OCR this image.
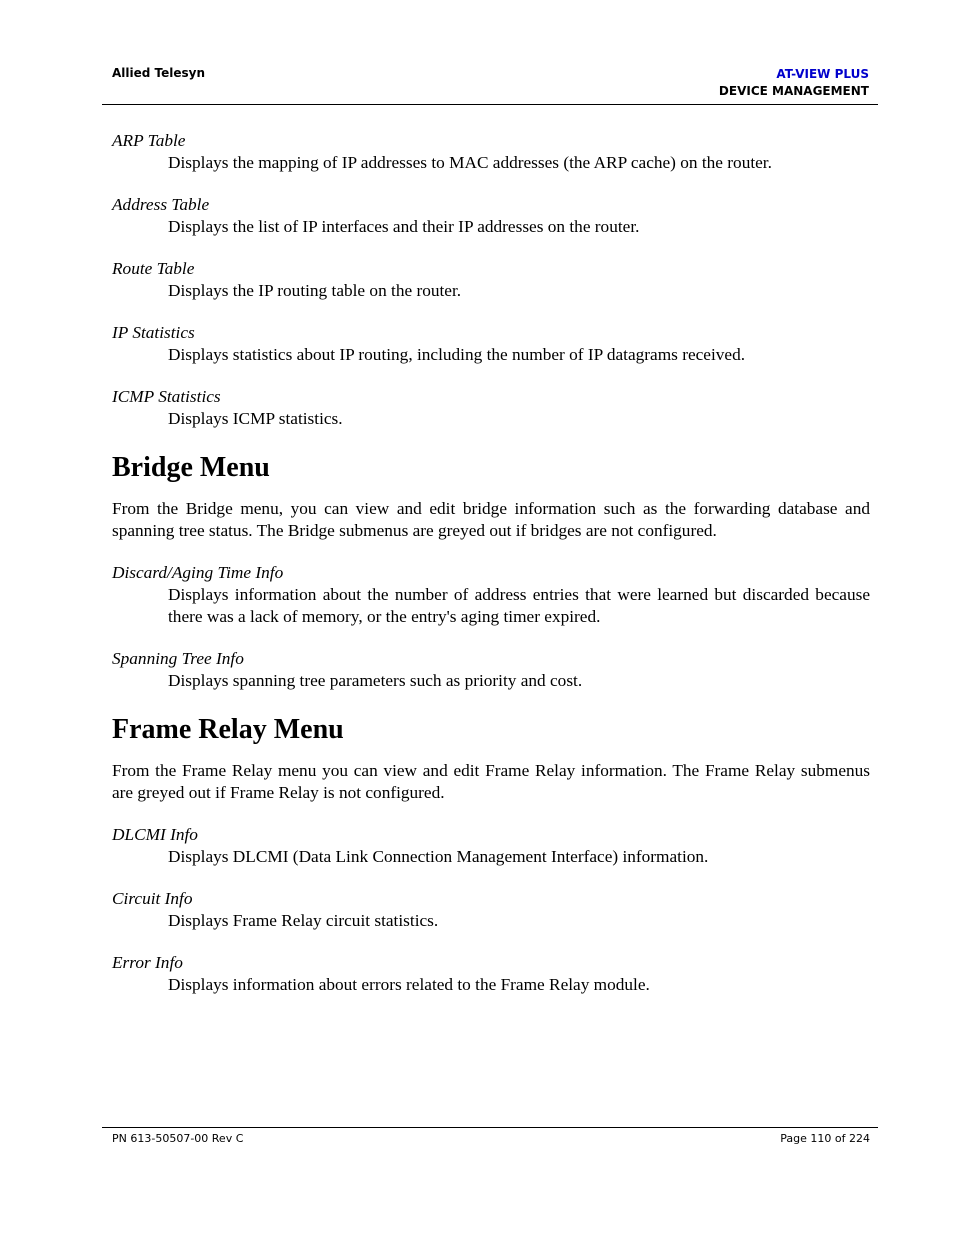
Allied Telesyn	AT-VIEW PLUS
DEVICE MANAGEMENT

ARP Table

Displays the mapping of IP addresses to MAC addresses (the ARP cache) on the router.

Address Table

Displays the list of IP interfaces and their IP addresses on the router.

Route Table

Displays the IP routing table on the router.

IP Statistics

Displays statistics about IP routing, including the number of IP datagrams received.

ICMP Statistics

Displays ICMP statistics.

Bridge Menu

From the Bridge menu, you can view and edit bridge information such as the forwarding database and spanning tree status. The Bridge submenus are greyed out if bridges are not configured.

Discard/Aging Time Info

Displays information about the number of address entries that were learned but discarded because there was a lack of memory, or the entry's aging timer expired.

Spanning Tree Info

Displays spanning tree parameters such as priority and cost.

Frame Relay Menu

From the Frame Relay menu you can view and edit Frame Relay information. The Frame Relay submenus are greyed out if Frame Relay is not configured.

DLCMI Info

Displays DLCMI (Data Link Connection Management Interface) information.

Circuit Info

Displays Frame Relay circuit statistics.

Error Info

Displays information about errors related to the Frame Relay module.

PN 613-50507-00 Rev C	Page 110 of 224
